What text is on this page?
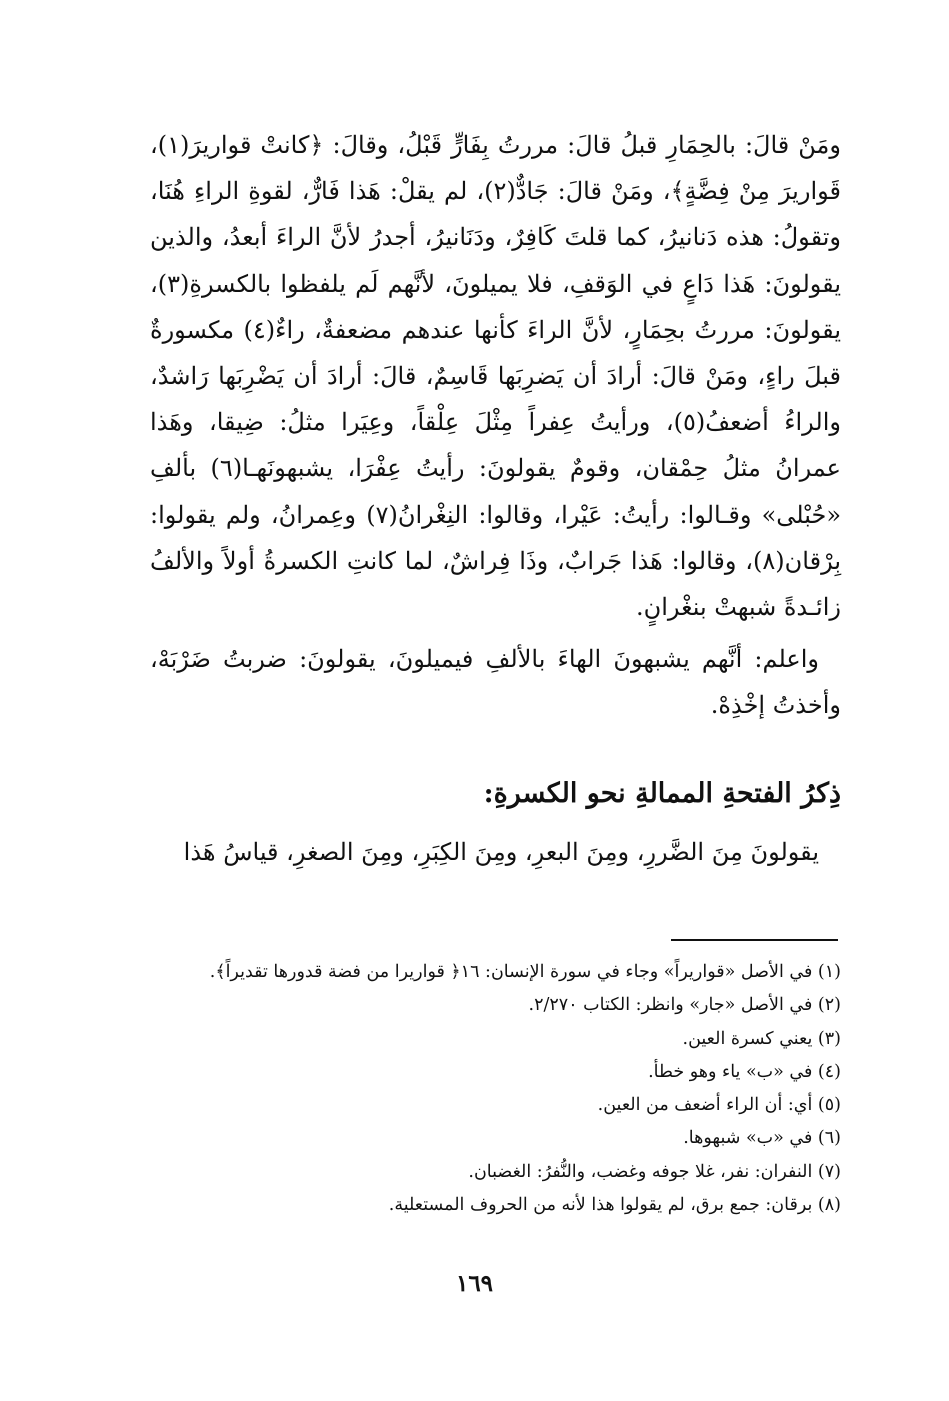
ومَنْ قالَ: بالحِمَارِ قبلُ قالَ: مررتُ بِفَارٍّ قَبْلُ، وقالَ: ﴿كانتْ قواريرَ(١)، قَواريرَ مِنْ فِضَّةٍ﴾، ومَنْ قالَ: جَادٌّ(٢)، لم يقلْ: هَذا فَارٌّ، لقوةِ الراءِ هُنَا، وتقولُ: هذه دَنانيرُ، كما قلتَ كَافِرٌ، ودَنَانيرُ، أجدرُ لأنَّ الراءَ أبعدُ، والذين يقولونَ: هَذا دَاعٍ في الوَقفِ، فلا يميلونَ، لأنَّهم لَم يلفظوا بالكسرةِ(٣)، يقولونَ: مررتُ بحِمَارٍ، لأنَّ الراءَ كأنها عندهم مضعفةٌ، راءٌ(٤) مكسورةٌ قبلَ راءٍ، ومَنْ قالَ: أرادَ أن يَضرِبَها قَاسِمٌ، قالَ: أرادَ أن يَضْرِبَها رَاشدٌ، والراءُ أضعفُ(٥)، ورأيتُ عِفراً مِثْلَ عِلْقاً، وعِيَرا مثلُ: ضِيقا، وهَذا عمرانُ مثلُ حِمْقان، وقومٌ يقولونَ: رأيتُ عِفْرَا، يشبهونَهـا(٦) بألفِ «حُبْلى» وقـالوا: رأيتُ: عَيْرا، وقالوا: النِغْرانُ(٧) وعِمرانُ، ولم يقولوا: بِرْقان(٨)، وقالوا: هَذا جَرابٌ، وذَا فِراشٌ، لما كانتِ الكسرةُ أولاً والألفُ زائـدةً شبهتْ بنغْرانٍ.

واعلم: أنَّهم يشبهونَ الهاءَ بالألفِ فيميلونَ، يقولونَ: ضربتُ ضَرْبَهْ، وأخذتُ إخْذِهْ.

ذِكرُ الفتحةِ الممالةِ نحو الكسرةِ:

يقولونَ مِنَ الضَّررِ، ومِنَ البعرِ، ومِنَ الكِبَرِ، ومِنَ الصغرِ، قياسُ هَذا

(١) في الأصل «قواريراً» وجاء في سورة الإنسان: ١٦﴿ قواريرا من فضة قدورها تقديراً﴾.

(٢) في الأصل «جار» وانظر: الكتاب ٢/٢٧٠.

(٣) يعني كسرة العين.

(٤) في «ب» ياء وهو خطأ.

(٥) أي: أن الراء أضعف من العين.

(٦) في «ب» شبهوها.

(٧) النفران: نفر، غلا جوفه وغضب، والنُّفرُ: الغضبان.

(٨) برقان: جمع برق، لم يقولوا هذا لأنه من الحروف المستعلية.

١٦٩
